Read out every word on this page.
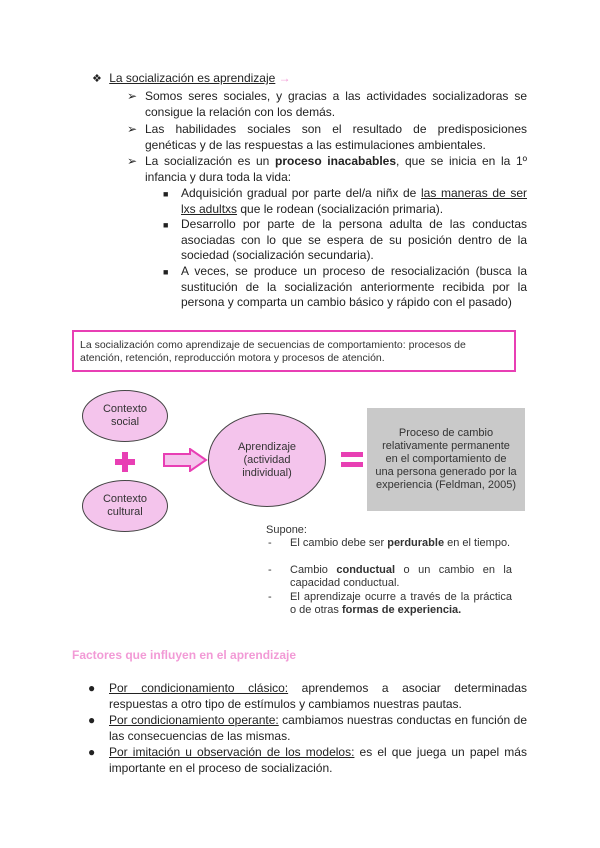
❖ La socialización es aprendizaje →
➢ Somos seres sociales, y gracias a las actividades socializadoras se consigue la relación con los demás.
➢ Las habilidades sociales son el resultado de predisposiciones genéticas y de las respuestas a las estimulaciones ambientales.
➢ La socialización es un proceso inacabables, que se inicia en la 1º infancia y dura toda la vida:
■ Adquisición gradual por parte del/a niñx de las maneras de ser lxs adultxs que le rodean (socialización primaria).
■ Desarrollo por parte de la persona adulta de las conductas asociadas con lo que se espera de su posición dentro de la sociedad (socialización secundaria).
■ A veces, se produce un proceso de resocialización (busca la sustitución de la socialización anteriormente recibida por la persona y comparta un cambio básico y rápido con el pasado)
La socialización como aprendizaje de secuencias de comportamiento: procesos de atención, retención, reproducción motora y procesos de atención.
Contexto social
Contexto cultural
Aprendizaje
(actividad individual)
Proceso de cambio relativamente permanente en el comportamiento de una persona generado por la experiencia (Feldman, 2005)
Supone:
- El cambio debe ser perdurable en el tiempo.
- Cambio conductual o un cambio en la capacidad conductual.
- El aprendizaje ocurre a través de la práctica o de otras formas de experiencia.
Factores que influyen en el aprendizaje
● Por condicionamiento clásico: aprendemos a asociar determinadas respuestas a otro tipo de estímulos y cambiamos nuestras pautas.
● Por condicionamiento operante: cambiamos nuestras conductas en función de las consecuencias de las mismas.
● Por imitación u observación de los modelos: es el que juega un papel más importante en el proceso de socialización.
